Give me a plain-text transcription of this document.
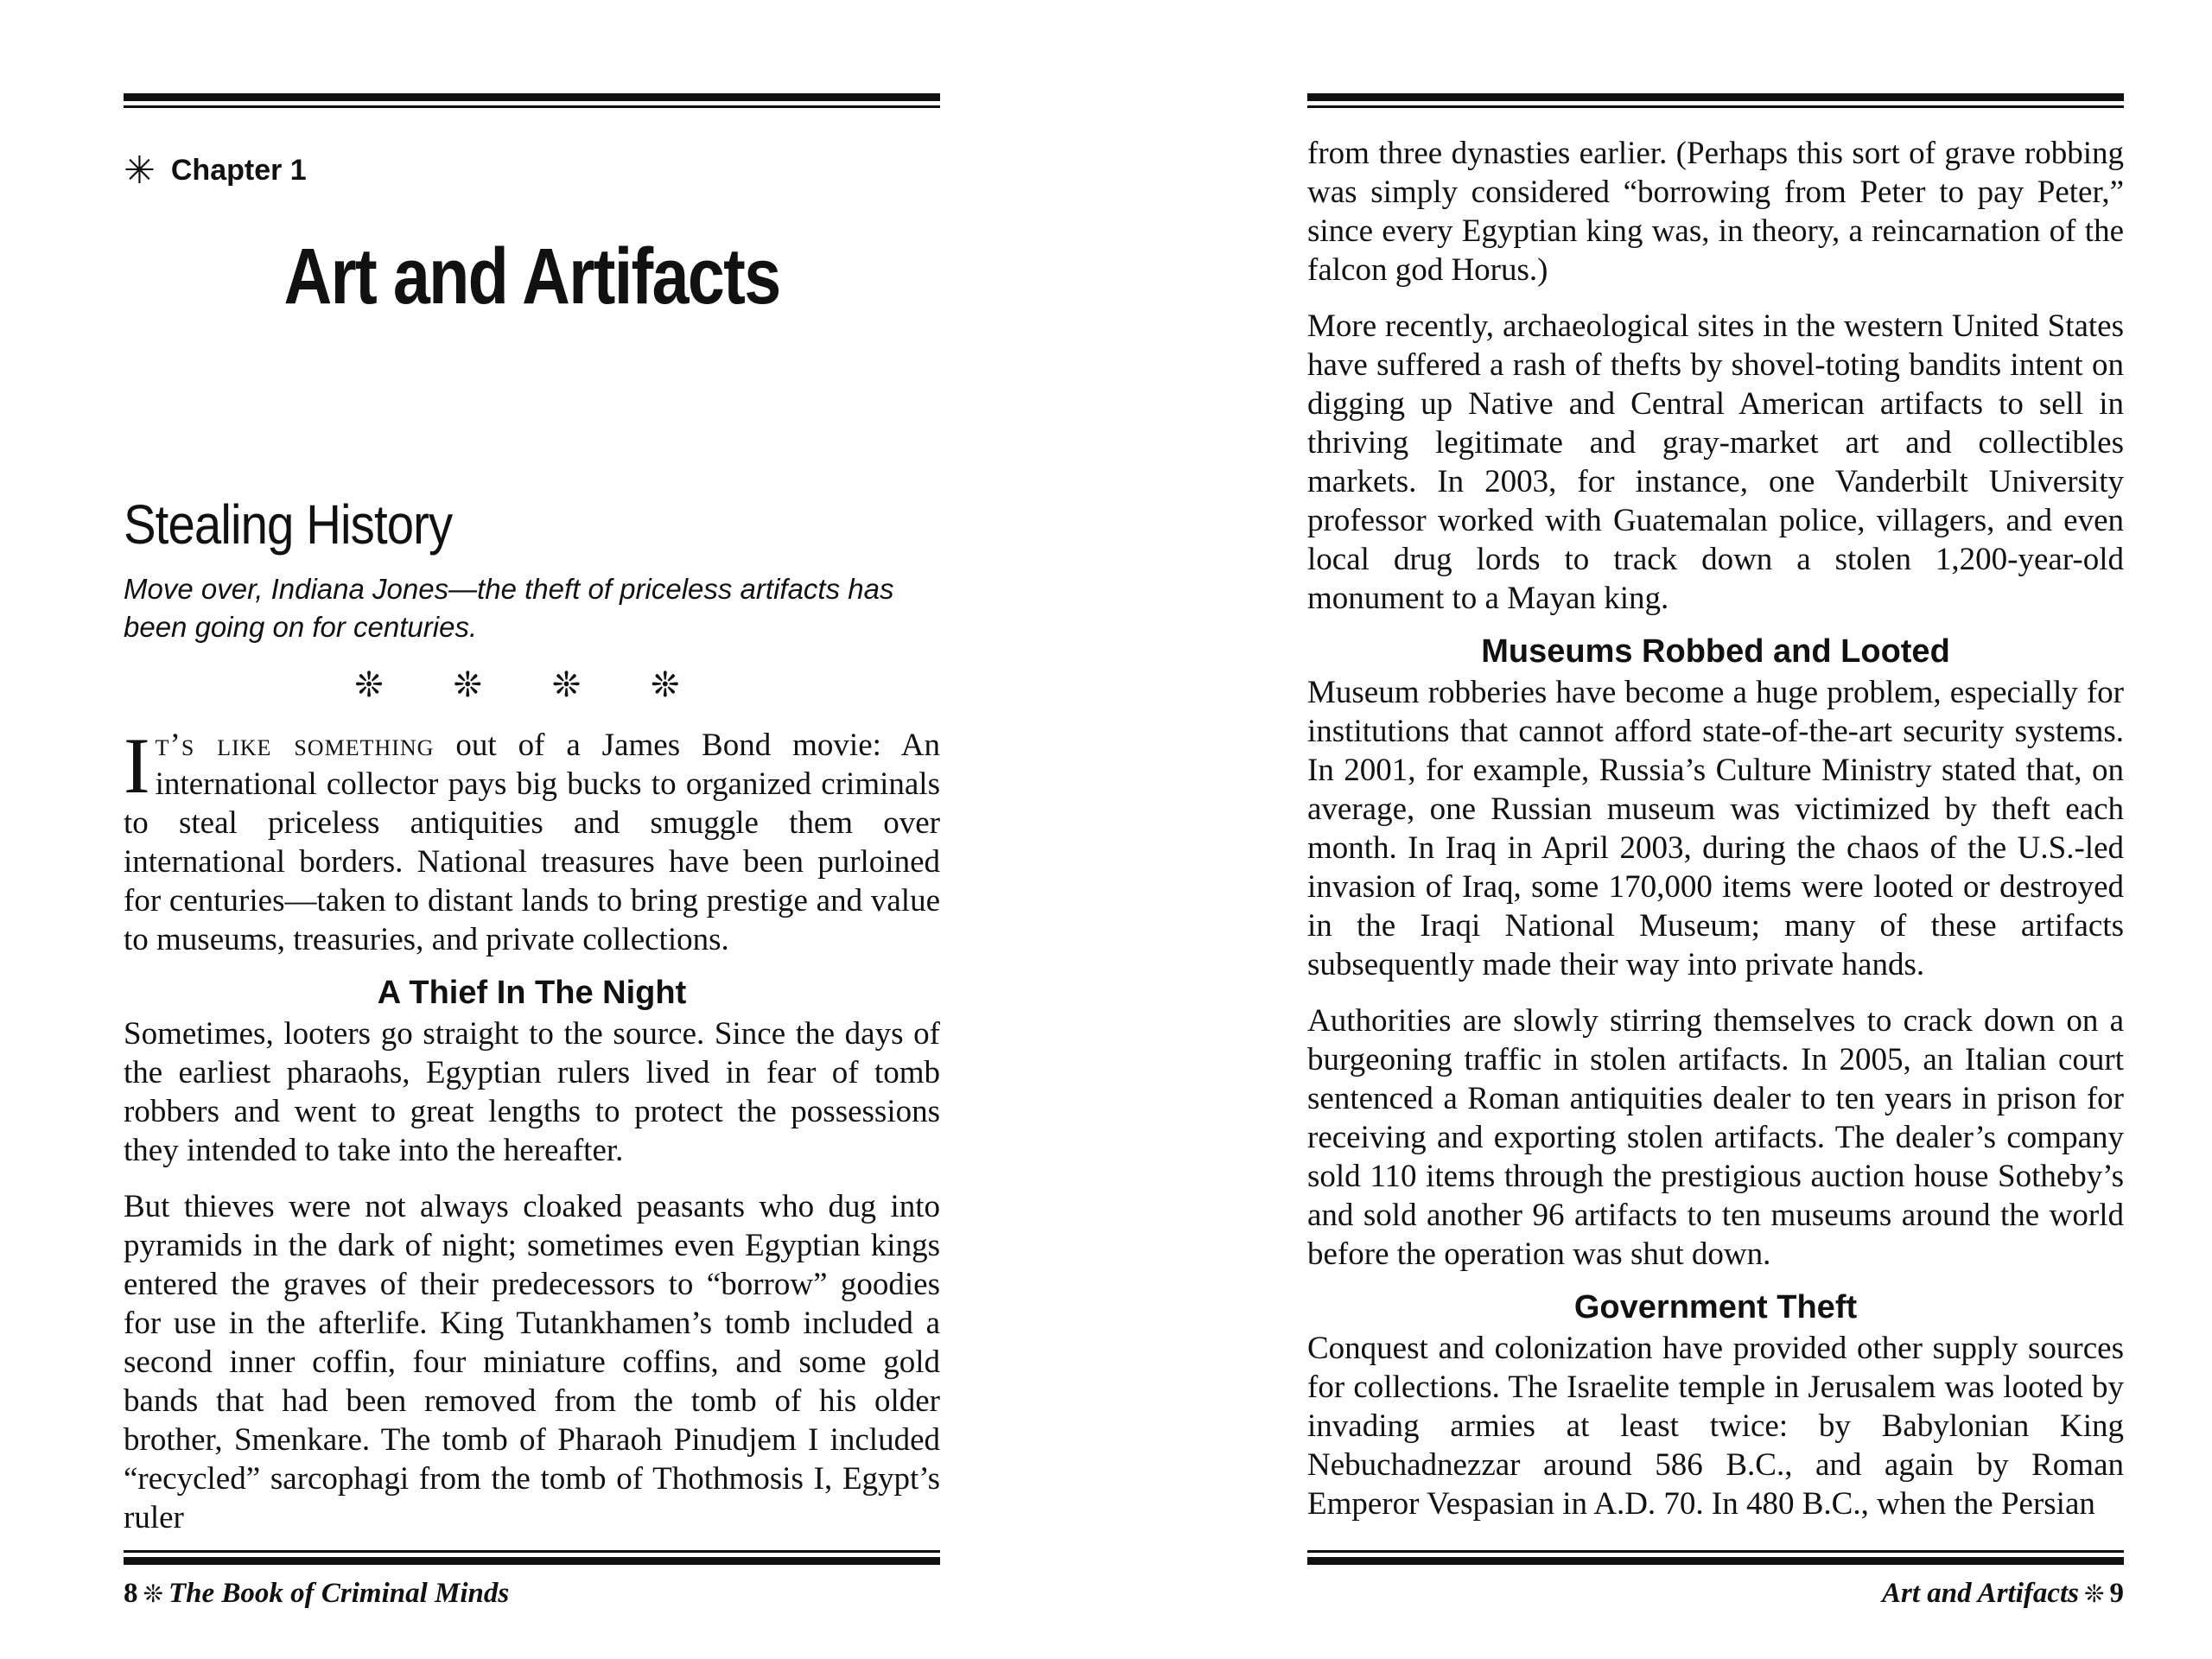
✳ Chapter 1
Art and Artifacts
Stealing History
Move over, Indiana Jones—the theft of priceless artifacts has been going on for centuries.
❊ ❊ ❊ ❊

It’s like something out of a James Bond movie: An international collector pays big bucks to organized criminals to steal priceless antiquities and smuggle them over international borders. National treasures have been purloined for centuries—taken to distant lands to bring prestige and value to museums, treasuries, and private collections.

A Thief In The Night

Sometimes, looters go straight to the source. Since the days of the earliest pharaohs, Egyptian rulers lived in fear of tomb robbers and went to great lengths to protect the possessions they intended to take into the hereafter.

But thieves were not always cloaked peasants who dug into pyramids in the dark of night; sometimes even Egyptian kings entered the graves of their predecessors to “borrow” goodies for use in the afterlife. King Tutankhamen’s tomb included a second inner coffin, four miniature coffins, and some gold bands that had been removed from the tomb of his older brother, Smenkare. The tomb of Pharaoh Pinudjem I included “recycled” sarcophagi from the tomb of Thothmosis I, Egypt’s ruler

8 ❊ The Book of Criminal Minds

from three dynasties earlier. (Perhaps this sort of grave robbing was simply considered “borrowing from Peter to pay Peter,” since every Egyptian king was, in theory, a reincarnation of the falcon god Horus.)

More recently, archaeological sites in the western United States have suffered a rash of thefts by shovel-toting bandits intent on digging up Native and Central American artifacts to sell in thriving legitimate and gray-market art and collectibles markets. In 2003, for instance, one Vanderbilt University professor worked with Guatemalan police, villagers, and even local drug lords to track down a stolen 1,200-year-old monument to a Mayan king.

Museums Robbed and Looted

Museum robberies have become a huge problem, especially for institutions that cannot afford state-of-the-art security systems. In 2001, for example, Russia’s Culture Ministry stated that, on average, one Russian museum was victimized by theft each month. In Iraq in April 2003, during the chaos of the U.S.-led invasion of Iraq, some 170,000 items were looted or destroyed in the Iraqi National Museum; many of these artifacts subsequently made their way into private hands.

Authorities are slowly stirring themselves to crack down on a burgeoning traffic in stolen artifacts. In 2005, an Italian court sentenced a Roman antiquities dealer to ten years in prison for receiving and exporting stolen artifacts. The dealer’s company sold 110 items through the prestigious auction house Sotheby’s and sold another 96 artifacts to ten museums around the world before the operation was shut down.

Government Theft

Conquest and colonization have provided other supply sources for collections. The Israelite temple in Jerusalem was looted by invading armies at least twice: by Babylonian King Nebuchadnezzar around 586 B.C., and again by Roman Emperor Vespasian in A.D. 70. In 480 B.C., when the Persian

Art and Artifacts ❊ 9
